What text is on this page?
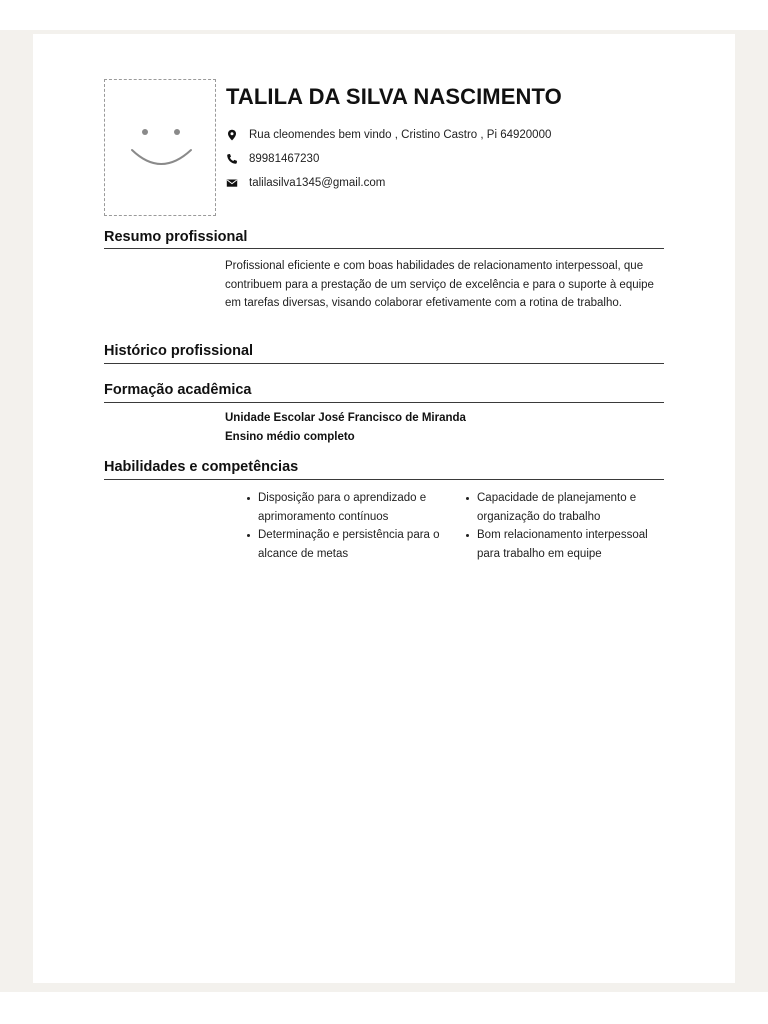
TALILA DA SILVA NASCIMENTO
Rua cleomendes bem vindo , Cristino Castro , Pi 64920000
89981467230
talilasilva1345@gmail.com
Resumo profissional
Profissional eficiente e com boas habilidades de relacionamento interpessoal, que contribuem para a prestação de um serviço de excelência e para o suporte à equipe em tarefas diversas, visando colaborar efetivamente com a rotina de trabalho.
Histórico profissional
Formação acadêmica
Unidade Escolar José Francisco de Miranda
Ensino médio completo
Habilidades e competências
Disposição para o aprendizado e aprimoramento contínuos
Determinação e persistência para o alcance de metas
Capacidade de planejamento e organização do trabalho
Bom relacionamento interpessoal para trabalho em equipe
